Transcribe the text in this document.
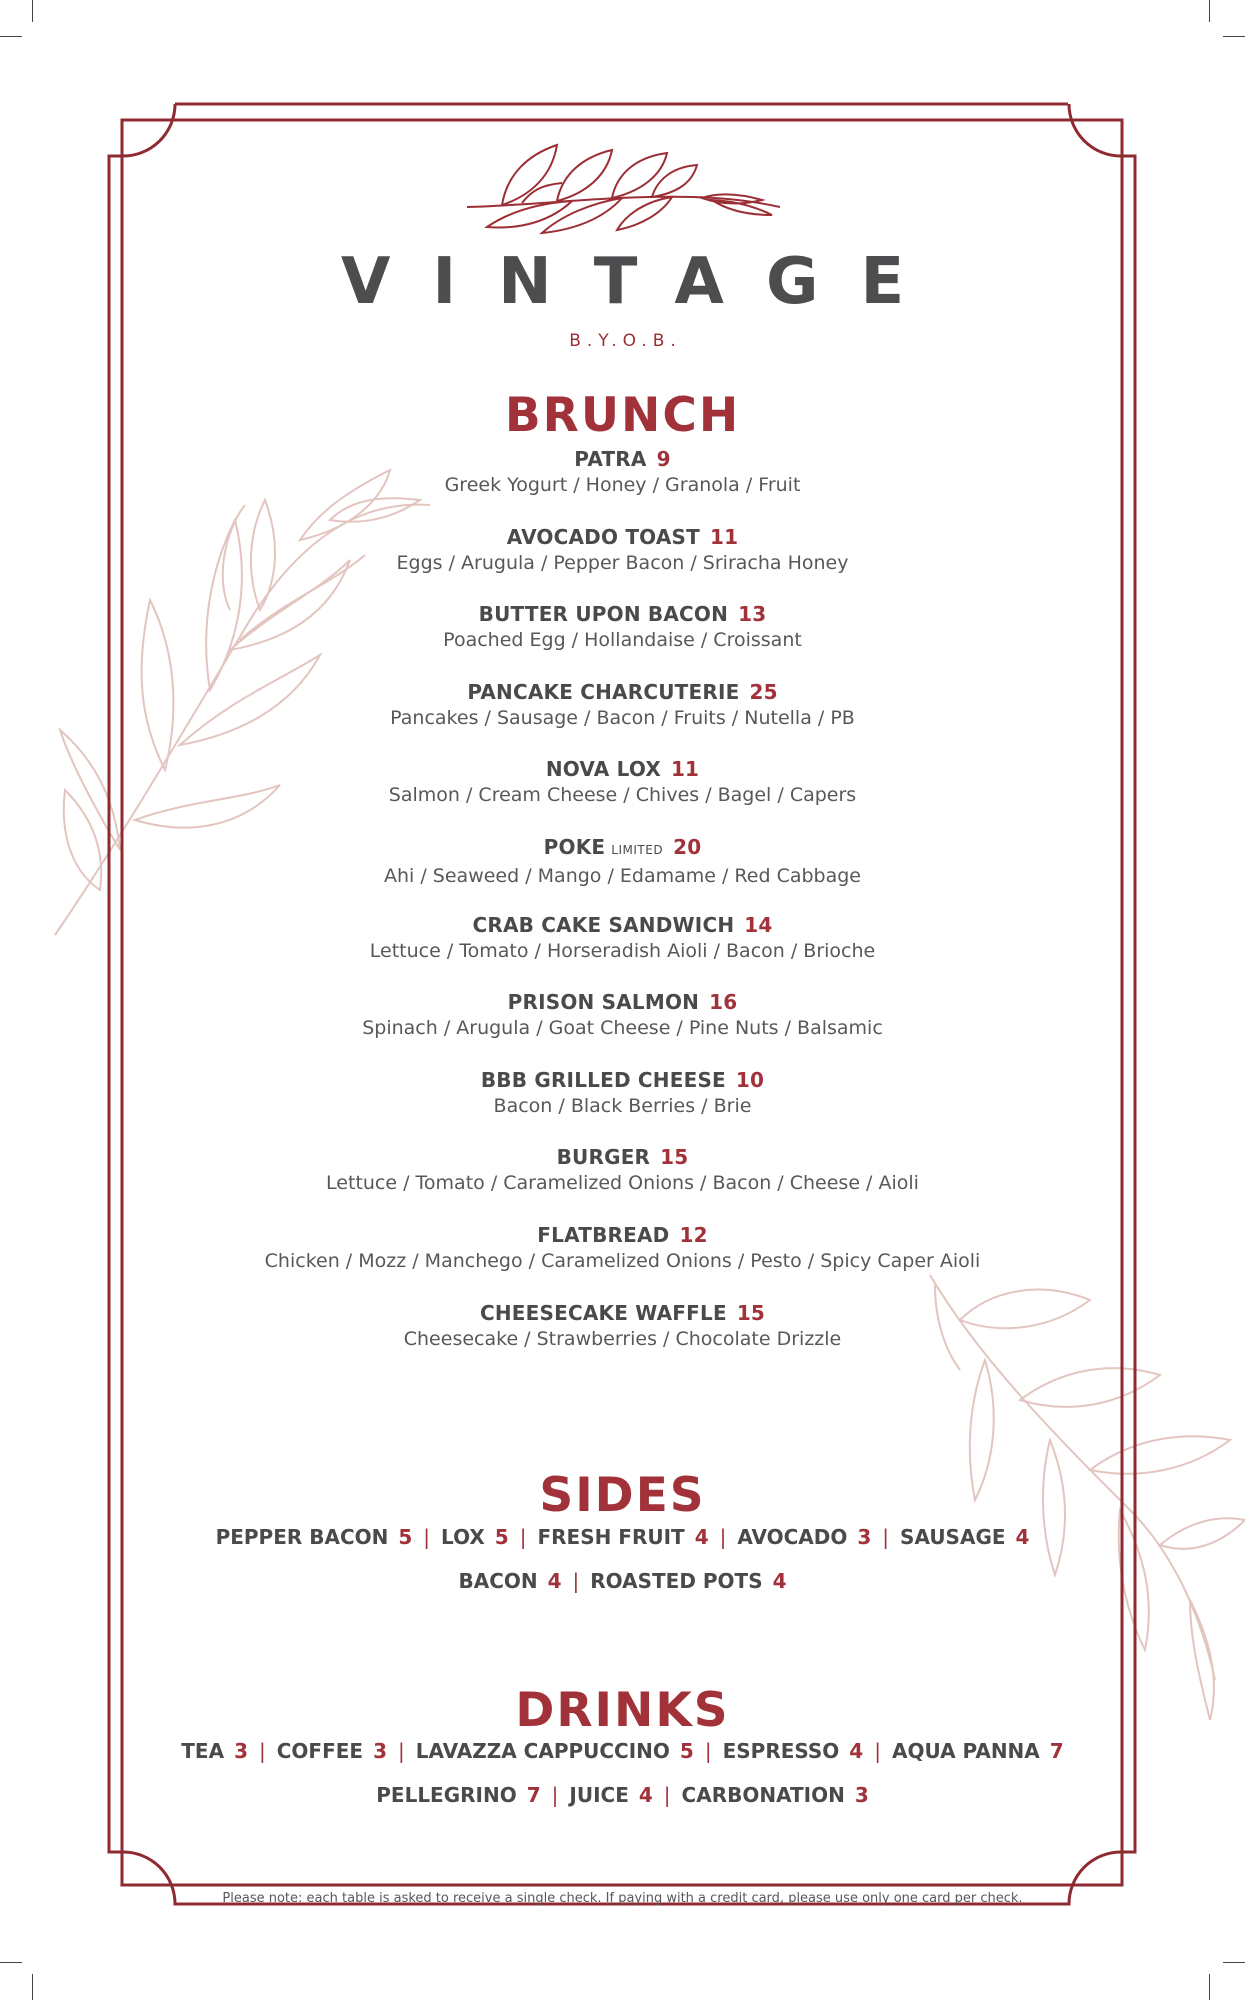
VINTAGE
B.Y.O.B.
BRUNCH
PATRA 9
Greek Yogurt / Honey / Granola / Fruit
AVOCADO TOAST 11
Eggs / Arugula / Pepper Bacon / Sriracha Honey
BUTTER UPON BACON 13
Poached Egg / Hollandaise / Croissant
PANCAKE CHARCUTERIE 25
Pancakes / Sausage / Bacon / Fruits / Nutella / PB
NOVA LOX 11
Salmon / Cream Cheese / Chives / Bagel / Capers
POKE LIMITED 20
Ahi / Seaweed / Mango / Edamame / Red Cabbage
CRAB CAKE SANDWICH 14
Lettuce / Tomato / Horseradish Aioli / Bacon / Brioche
PRISON SALMON 16
Spinach / Arugula / Goat Cheese / Pine Nuts / Balsamic
BBB GRILLED CHEESE 10
Bacon / Black Berries / Brie
BURGER 15
Lettuce / Tomato / Caramelized Onions / Bacon / Cheese / Aioli
FLATBREAD 12
Chicken / Mozz / Manchego / Caramelized Onions / Pesto / Spicy Caper Aioli
CHEESECAKE WAFFLE 15
Cheesecake / Strawberries / Chocolate Drizzle
SIDES
PEPPER BACON 5 | LOX 5 | FRESH FRUIT 4 | AVOCADO 3 | SAUSAGE 4
BACON 4 | ROASTED POTS 4
DRINKS
TEA 3 | COFFEE 3 | LAVAZZA CAPPUCCINO 5 | ESPRESSO 4 | AQUA PANNA 7
PELLEGRINO 7 | JUICE 4 | CARBONATION 3
Please note: each table is asked to receive a single check. If paying with a credit card, please use only one card per check.
